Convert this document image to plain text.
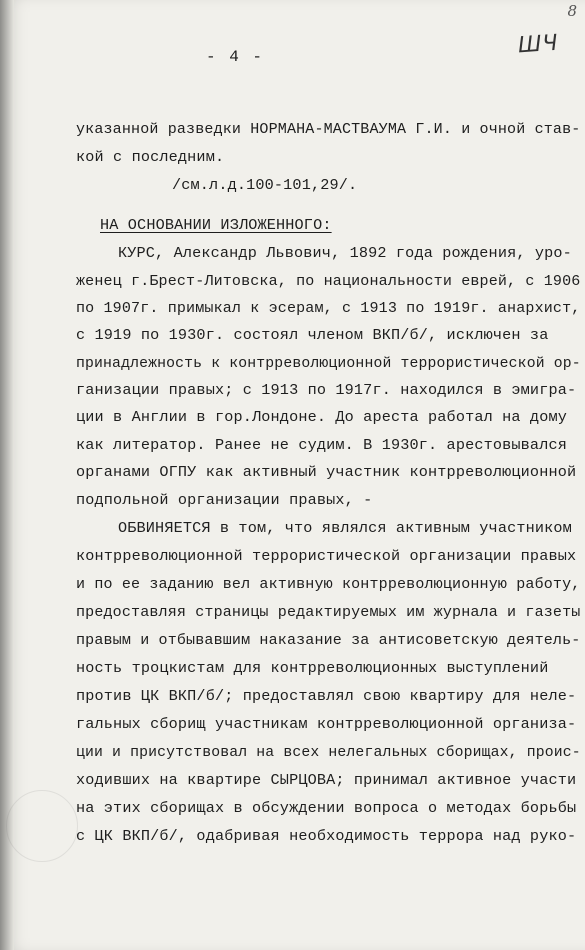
8
ШЧ
- 4 -
указанной разведки НОРМАНА-МАСТВАУМА Г.И. и очной став-
кой с последним.
/см.л.д.100-101,29/.
НА ОСНОВАНИИ ИЗЛОЖЕННОГО:
КУРС, Александр Львович, 1892 года рождения, уро-
женец г.Брест-Литовска, по национальности еврей, с 1906
по 1907г. примыкал к эсерам, с 1913 по 1919г. анархист,
с 1919 по 1930г. состоял членом ВКП/б/, исключен за
принадлежность к контрреволюционной террористической ор-
ганизации правых; с 1913 по 1917г. находился в эмигра-
ции в Англии в гор.Лондоне. До ареста работал на дому
как литератор. Ранее не судим. В 1930г. арестовывался
органами ОГПУ как активный участник контрреволюционной
подпольной организации правых, -
ОБВИНЯЕТСЯ в том, что являлся активным участником
контрреволюционной террористической организации правых
и по ее заданию вел активную контрреволюционную работу,
предоставляя страницы редактируемых им журнала и газеты
правым и отбывавшим наказание за антисоветскую деятель-
ность троцкистам для контрреволюционных выступлений
против ЦК ВКП/б/; предоставлял свою квартиру для неле-
гальных сборищ участникам контрреволюционной организа-
ции и присутствовал на всех нелегальных сборищах, проис-
ходивших на квартире СЫРЦОВА; принимал активное участи
на этих сборищах в обсуждении вопроса о методах борьбы
с ЦК ВКП/б/, одабривая необходимость террора над руко-
